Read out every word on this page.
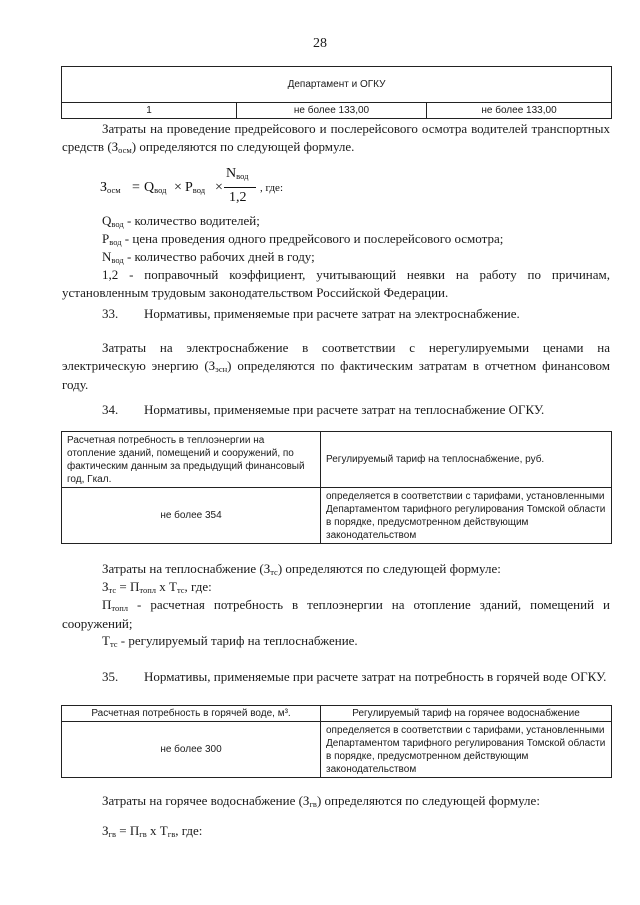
28
Департамент и ОГКУ
1	не более 133,00	не более 133,00
Затраты на проведение предрейсового и послерейсового осмотра водителей транспортных средств (Зосм) определяются по следующей формуле.
Зосм = Qвод × Pвод ×
Nвод
1,2
, где:
Qвод - количество водителей;
Pвод - цена проведения одного предрейсового и послерейсового осмотра;
Nвод - количество рабочих дней в году;
1,2 - поправочный коэффициент, учитывающий неявки на работу по причинам, установленным трудовым законодательством Российской Федерации.
33. Нормативы, применяемые при расчете затрат на электроснабжение.
Затраты на электроснабжение в соответствии с нерегулируемыми ценами на электрическую энергию (Зэсн) определяются по фактическим затратам в отчетном финансовом году.
34. Нормативы, применяемые при расчете затрат на теплоснабжение ОГКУ.
Расчетная потребность в теплоэнергии на отопление зданий, помещений и сооружений, по фактическим данным за предыдущий финансовый год, Гкал.	Регулируемый тариф на теплоснабжение, руб.
не более 354	определяется в соответствии с тарифами, установленными Департаментом тарифного регулирования Томской области в порядке, предусмотренном действующим законодательством
Затраты на теплоснабжение (Зтс) определяются по следующей формуле:
Зтс = Птопл x Ттс, где:
Птопл - расчетная потребность в теплоэнергии на отопление зданий, помещений и сооружений;
Ттс - регулируемый тариф на теплоснабжение.
35. Нормативы, применяемые при расчете затрат на потребность в горячей воде ОГКУ.
Расчетная потребность в горячей воде, м³.	Регулируемый тариф на горячее водоснабжение
не более 300	определяется в соответствии с тарифами, установленными Департаментом тарифного регулирования Томской области в порядке, предусмотренном действующим законодательством
Затраты на горячее водоснабжение (Згв) определяются по следующей формуле:
Згв = Пгв x Тгв, где:
